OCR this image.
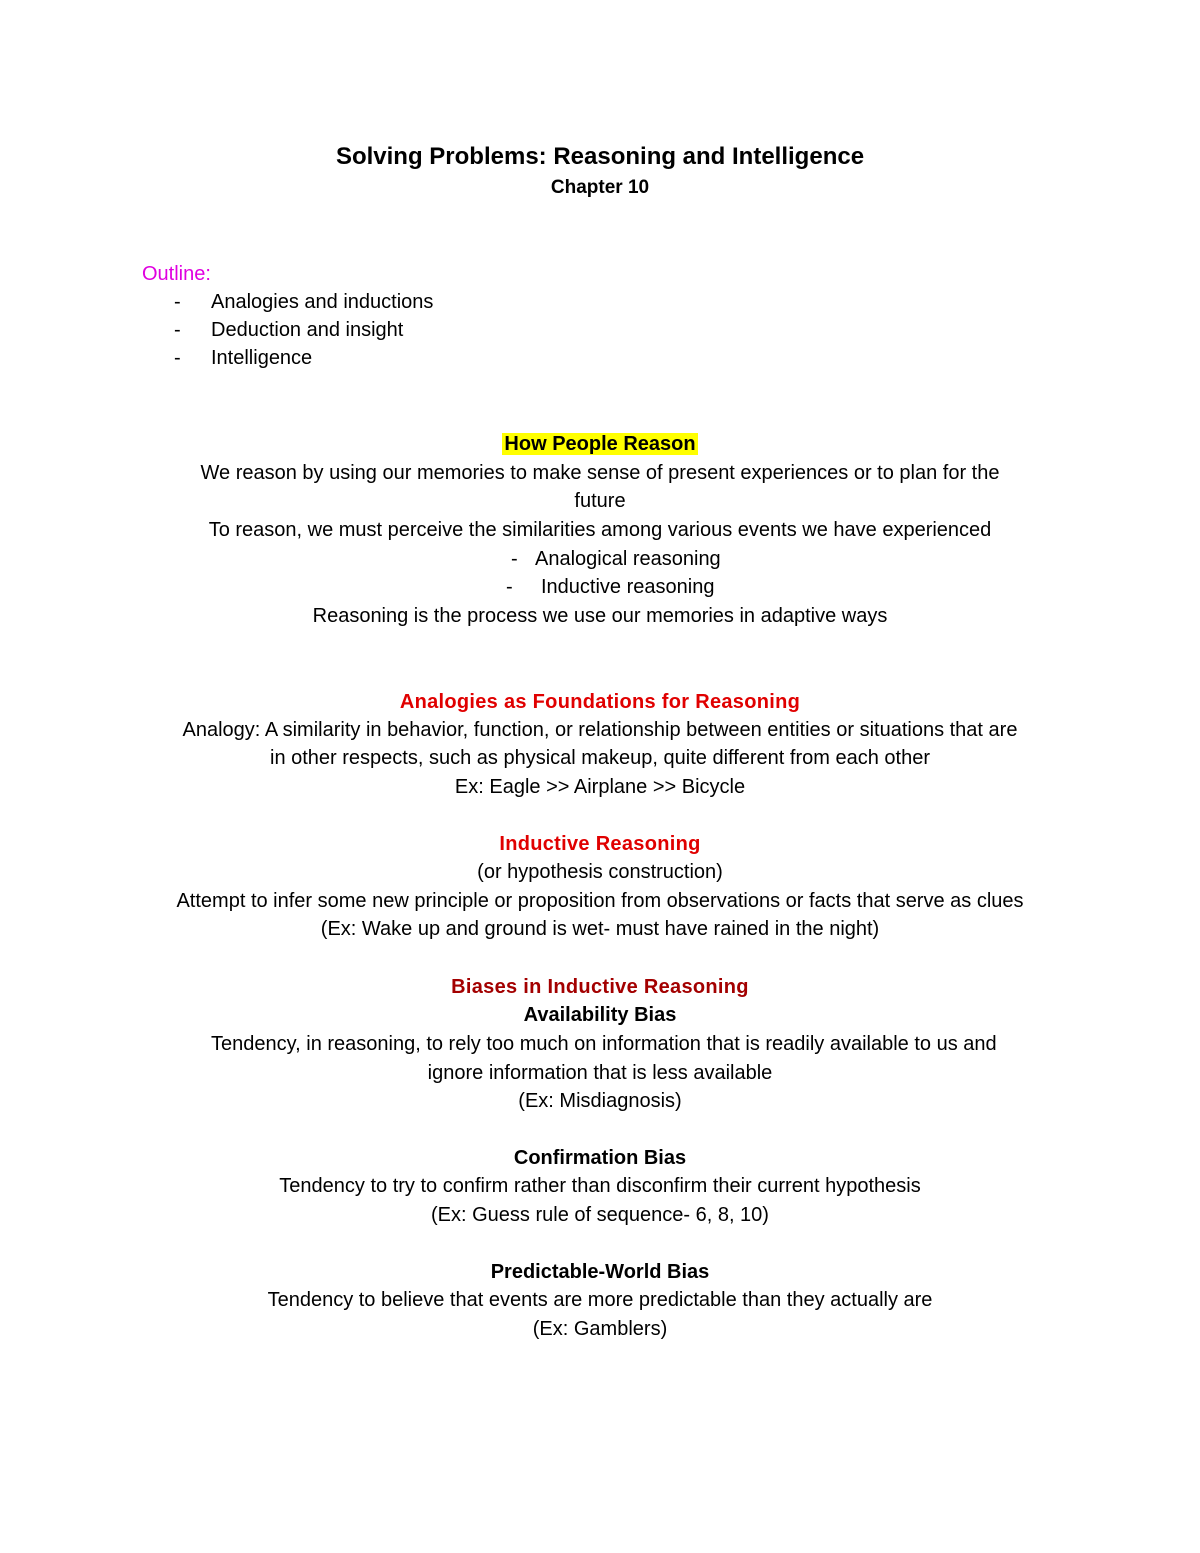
Solving Problems: Reasoning and Intelligence
Chapter 10
Outline:
- Analogies and inductions
- Deduction and insight
- Intelligence
How People Reason
We reason by using our memories to make sense of present experiences or to plan for the
future
To reason, we must perceive the similarities among various events we have experienced
- Analogical reasoning
- Inductive reasoning
Reasoning is the process we use our memories in adaptive ways
Analogies as Foundations for Reasoning
Analogy: A similarity in behavior, function, or relationship between entities or situations that are
in other respects, such as physical makeup, quite different from each other
Ex: Eagle >> Airplane >> Bicycle
Inductive Reasoning
(or hypothesis construction)
Attempt to infer some new principle or proposition from observations or facts that serve as clues
(Ex: Wake up and ground is wet- must have rained in the night)
Biases in Inductive Reasoning
Availability Bias
Tendency, in reasoning, to rely too much on information that is readily available to us and
ignore information that is less available
(Ex: Misdiagnosis)
Confirmation Bias
Tendency to try to confirm rather than disconfirm their current hypothesis
(Ex: Guess rule of sequence- 6, 8, 10)
Predictable-World Bias
Tendency to believe that events are more predictable than they actually are
(Ex: Gamblers)
